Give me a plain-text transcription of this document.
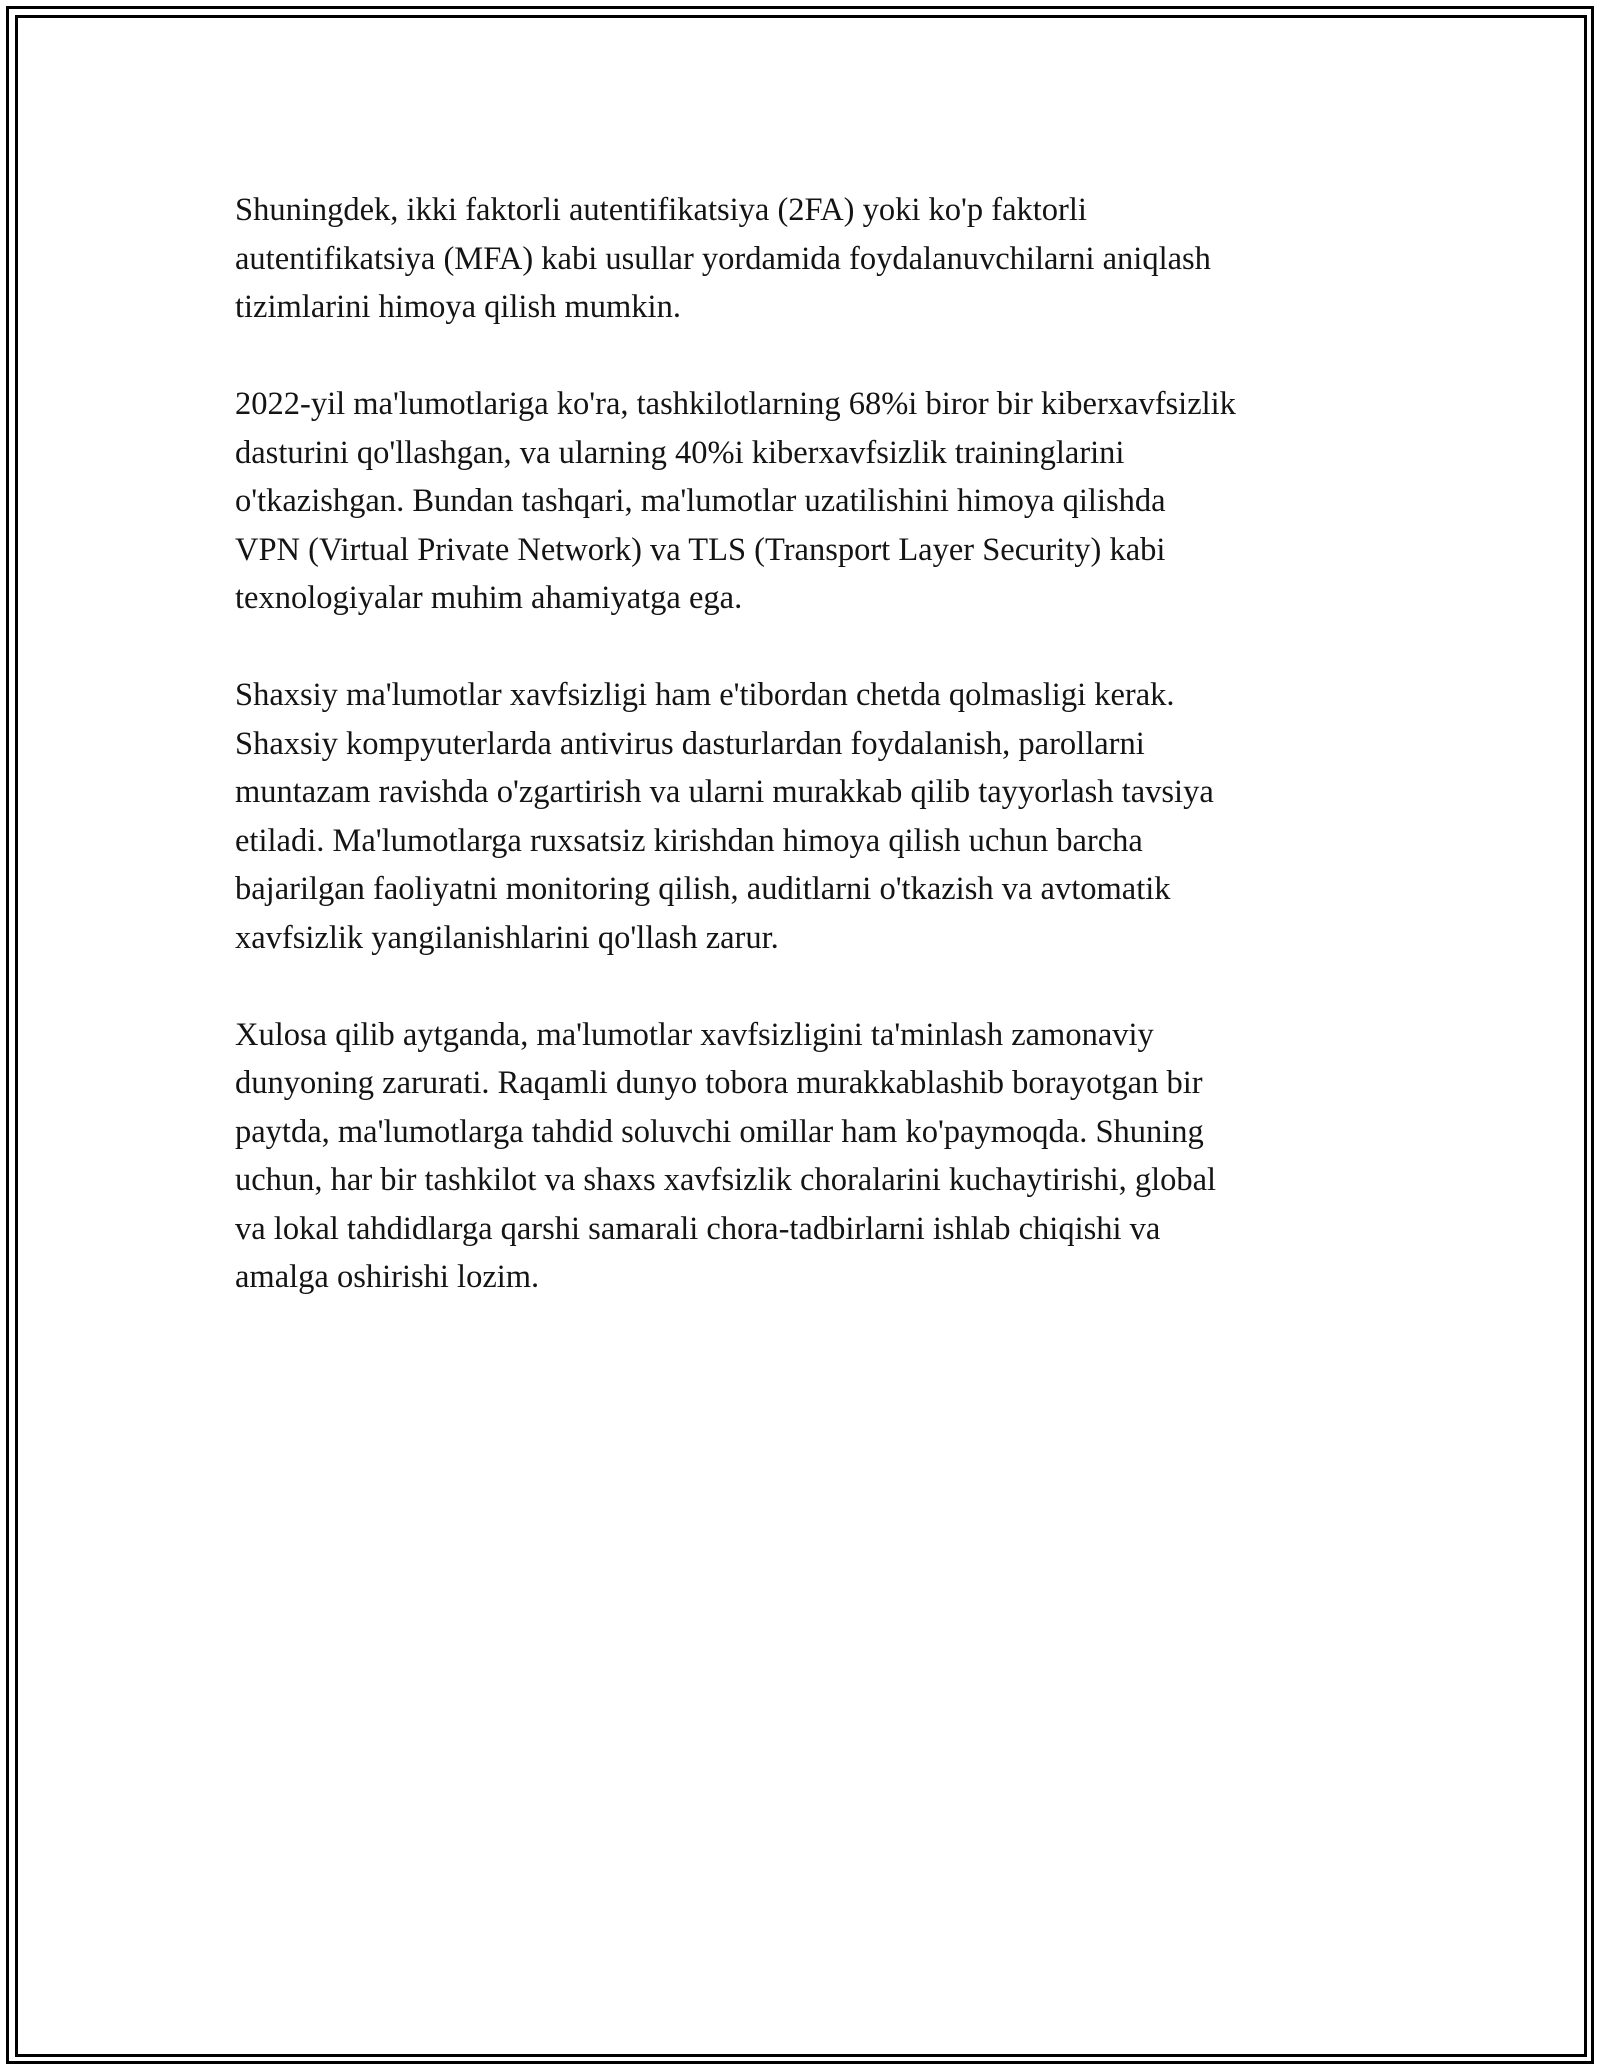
Shuningdek, ikki faktorli autentifikatsiya (2FA) yoki ko'p faktorli
autentifikatsiya (MFA) kabi usullar yordamida foydalanuvchilarni aniqlash
tizimlarini himoya qilish mumkin.

2022-yil ma'lumotlariga ko'ra, tashkilotlarning 68%i biror bir kiberxavfsizlik
dasturini qo'llashgan, va ularning 40%i kiberxavfsizlik traininglarini
o'tkazishgan. Bundan tashqari, ma'lumotlar uzatilishini himoya qilishda
VPN (Virtual Private Network) va TLS (Transport Layer Security) kabi
texnologiyalar muhim ahamiyatga ega.

Shaxsiy ma'lumotlar xavfsizligi ham e'tibordan chetda qolmasligi kerak.
Shaxsiy kompyuterlarda antivirus dasturlardan foydalanish, parollarni
muntazam ravishda o'zgartirish va ularni murakkab qilib tayyorlash tavsiya
etiladi. Ma'lumotlarga ruxsatsiz kirishdan himoya qilish uchun barcha
bajarilgan faoliyatni monitoring qilish, auditlarni o'tkazish va avtomatik
xavfsizlik yangilanishlarini qo'llash zarur.

Xulosa qilib aytganda, ma'lumotlar xavfsizligini ta'minlash zamonaviy
dunyoning zarurati. Raqamli dunyo tobora murakkablashib borayotgan bir
paytda, ma'lumotlarga tahdid soluvchi omillar ham ko'paymoqda. Shuning
uchun, har bir tashkilot va shaxs xavfsizlik choralarini kuchaytirishi, global
va lokal tahdidlarga qarshi samarali chora-tadbirlarni ishlab chiqishi va
amalga oshirishi lozim.
